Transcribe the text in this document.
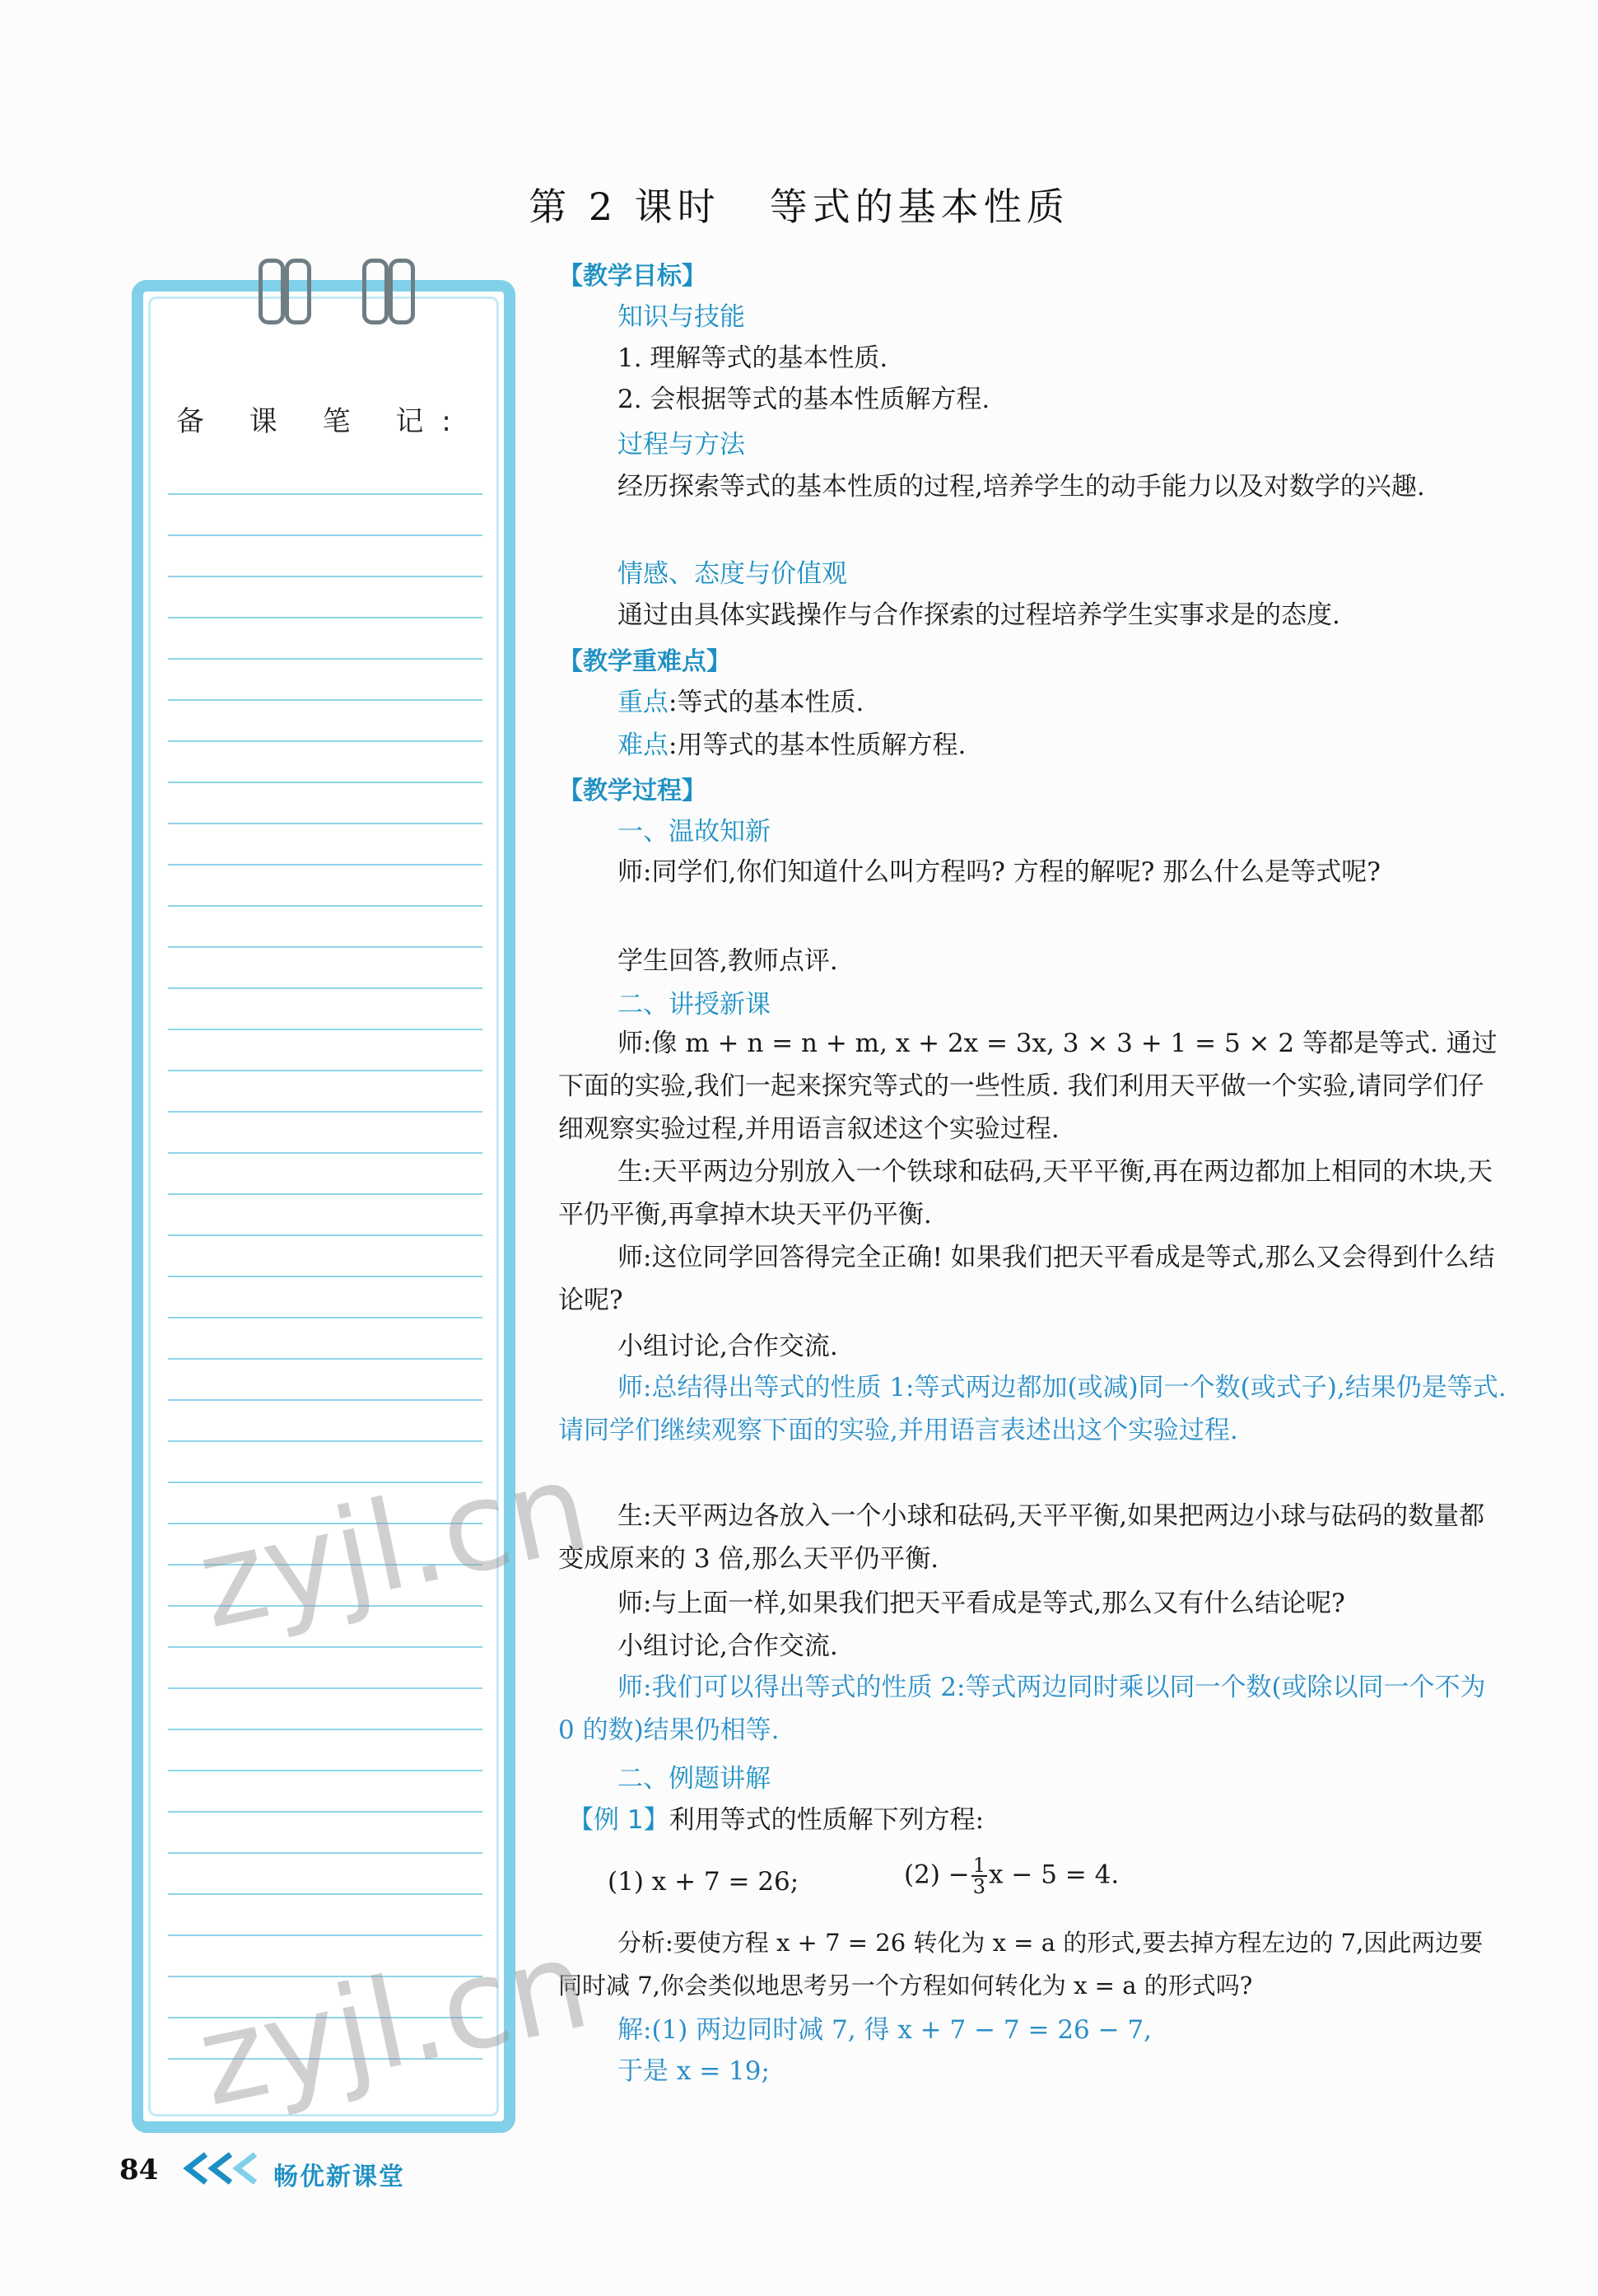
第 2 课时 等式的基本性质
备 课 笔 记:
【教学目标】
知识与技能
1. 理解等式的基本性质.
2. 会根据等式的基本性质解方程.
过程与方法
经历探索等式的基本性质的过程,培养学生的动手能力以及对数学的兴趣.
情感、态度与价值观
通过由具体实践操作与合作探索的过程培养学生实事求是的态度.
【教学重难点】
重点:等式的基本性质.
难点:用等式的基本性质解方程.
【教学过程】
一、温故知新
师:同学们,你们知道什么叫方程吗? 方程的解呢? 那么什么是等式呢?
学生回答,教师点评.
二、讲授新课
师:像 m + n = n + m, x + 2x = 3x, 3 × 3 + 1 = 5 × 2 等都是等式. 通过下面的实验,我们一起来探究等式的一些性质. 我们利用天平做一个实验,请同学们仔细观察实验过程,并用语言叙述这个实验过程.
生:天平两边分别放入一个铁球和砝码,天平平衡,再在两边都加上相同的木块,天平仍平衡,再拿掉木块天平仍平衡.
师:这位同学回答得完全正确! 如果我们把天平看成是等式,那么又会得到什么结论呢?
小组讨论,合作交流.
师:总结得出等式的性质 1:等式两边都加(或减)同一个数(或式子),结果仍是等式. 请同学们继续观察下面的实验,并用语言表述出这个实验过程.
生:天平两边各放入一个小球和砝码,天平平衡,如果把两边小球与砝码的数量都变成原来的 3 倍,那么天平仍平衡.
师:与上面一样,如果我们把天平看成是等式,那么又有什么结论呢?
小组讨论,合作交流.
师:我们可以得出等式的性质 2:等式两边同时乘以同一个数(或除以同一个不为 0 的数)结果仍相等.
二、例题讲解
【例 1】利用等式的性质解下列方程:
(1) x + 7 = 26;	$(2) - \frac{1}{3}$ x − 5 = 4.
分析:要使方程 x + 7 = 26 转化为 x = a 的形式,要去掉方程左边的 7,因此两边要同时减 7,你会类似地思考另一个方程如何转化为 x = a 的形式吗?
解:(1) 两边同时减 7, 得 x + 7 − 7 = 26 − 7,
于是 x = 19;
zyjl.cn
zyjl.cn
84	畅优新课堂
